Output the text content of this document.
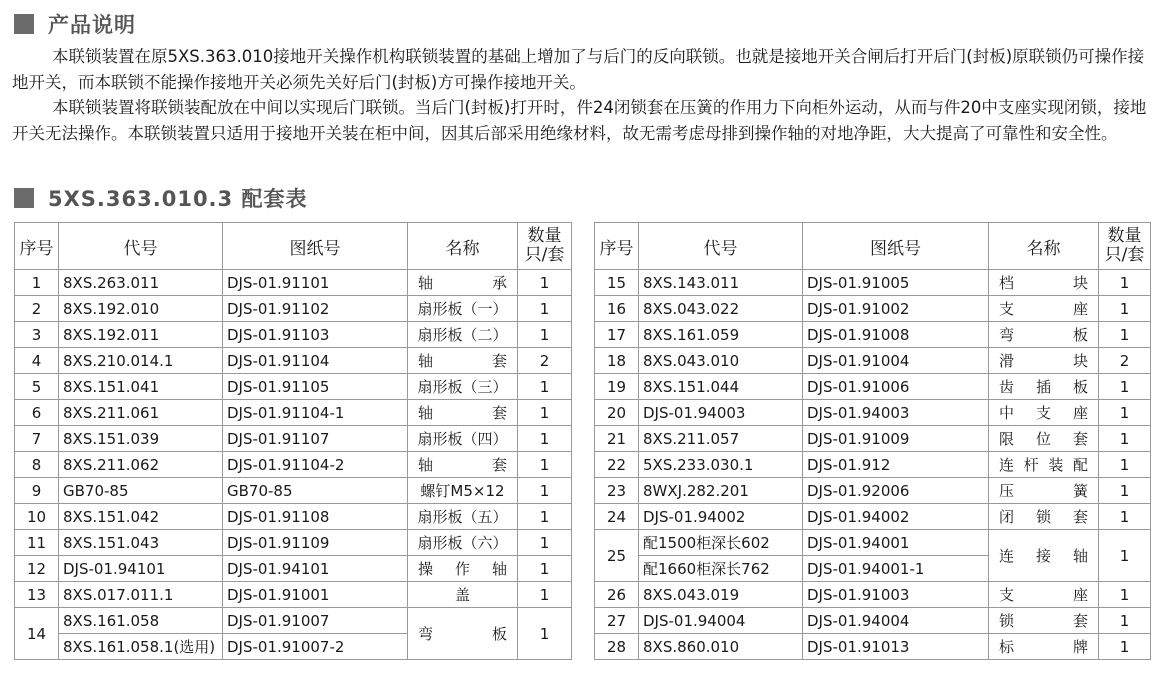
产品说明
本联锁装置在原5XS.363.010接地开关操作机构联锁装置的基础上增加了与后门的反向联锁。也就是接地开关合闸后打开后门(封板)原联锁仍可操作接地开关，而本联锁不能操作接地开关必须先关好后门(封板)方可操作接地开关。
本联锁装置将联锁装配放在中间以实现后门联锁。当后门(封板)打开时，件24闭锁套在压簧的作用力下向柜外运动，从而与件20中支座实现闭锁，接地开关无法操作。本联锁装置只适用于接地开关装在柜中间，因其后部采用绝缘材料，故无需考虑母排到操作轴的对地净距，大大提高了可靠性和安全性。
5XS.363.010.3 配套表
序号	代号	图纸号	名称	数量
只/套

1	8XS.263.011	DJS-01.91101	轴 承	1
2	8XS.192.010	DJS-01.91102	扇形板（一）	1
3	8XS.192.011	DJS-01.91103	扇形板（二）	1
4	8XS.210.014.1	DJS-01.91104	轴 套	2
5	8XS.151.041	DJS-01.91105	扇形板（三）	1
6	8XS.211.061	DJS-01.91104-1	轴 套	1
7	8XS.151.039	DJS-01.91107	扇形板（四）	1
8	8XS.211.062	DJS-01.91104-2	轴 套	1
9	GB70-85	GB70-85	螺钉M5×12	1
10	8XS.151.042	DJS-01.91108	扇形板（五）	1
11	8XS.151.043	DJS-01.91109	扇形板（六）	1
12	DJS-01.94101	DJS-01.94101	操 作 轴	1
13	8XS.017.011.1	DJS-01.91001	盖	1
14	8XS.161.058	DJS-01.91007	弯 板	1
	8XS.161.058.1(选用)	DJS-01.91007-2		
序号	代号	图纸号	名称	数量
只/套

15	8XS.143.011	DJS-01.91005	档 块	1
16	8XS.043.022	DJS-01.91002	支 座	1
17	8XS.161.059	DJS-01.91008	弯 板	1
18	8XS.043.010	DJS-01.91004	滑 块	2
19	8XS.151.044	DJS-01.91006	齿 插 板	1
20	DJS-01.94003	DJS-01.94003	中 支 座	1
21	8XS.211.057	DJS-01.91009	限 位 套	1
22	5XS.233.030.1	DJS-01.912	连 杆 装 配	1
23	8WXJ.282.201	DJS-01.92006	压 簧	1
24	DJS-01.94002	DJS-01.94002	闭 锁 套	1
25	配1500柜深长602	DJS-01.94001	连 接 轴	1
	配1660柜深长762	DJS-01.94001-1		
26	8XS.043.019	DJS-01.91003	支 座	1
27	DJS-01.94004	DJS-01.94004	锁 套	1
28	8XS.860.010	DJS-01.91013	标 牌	1
